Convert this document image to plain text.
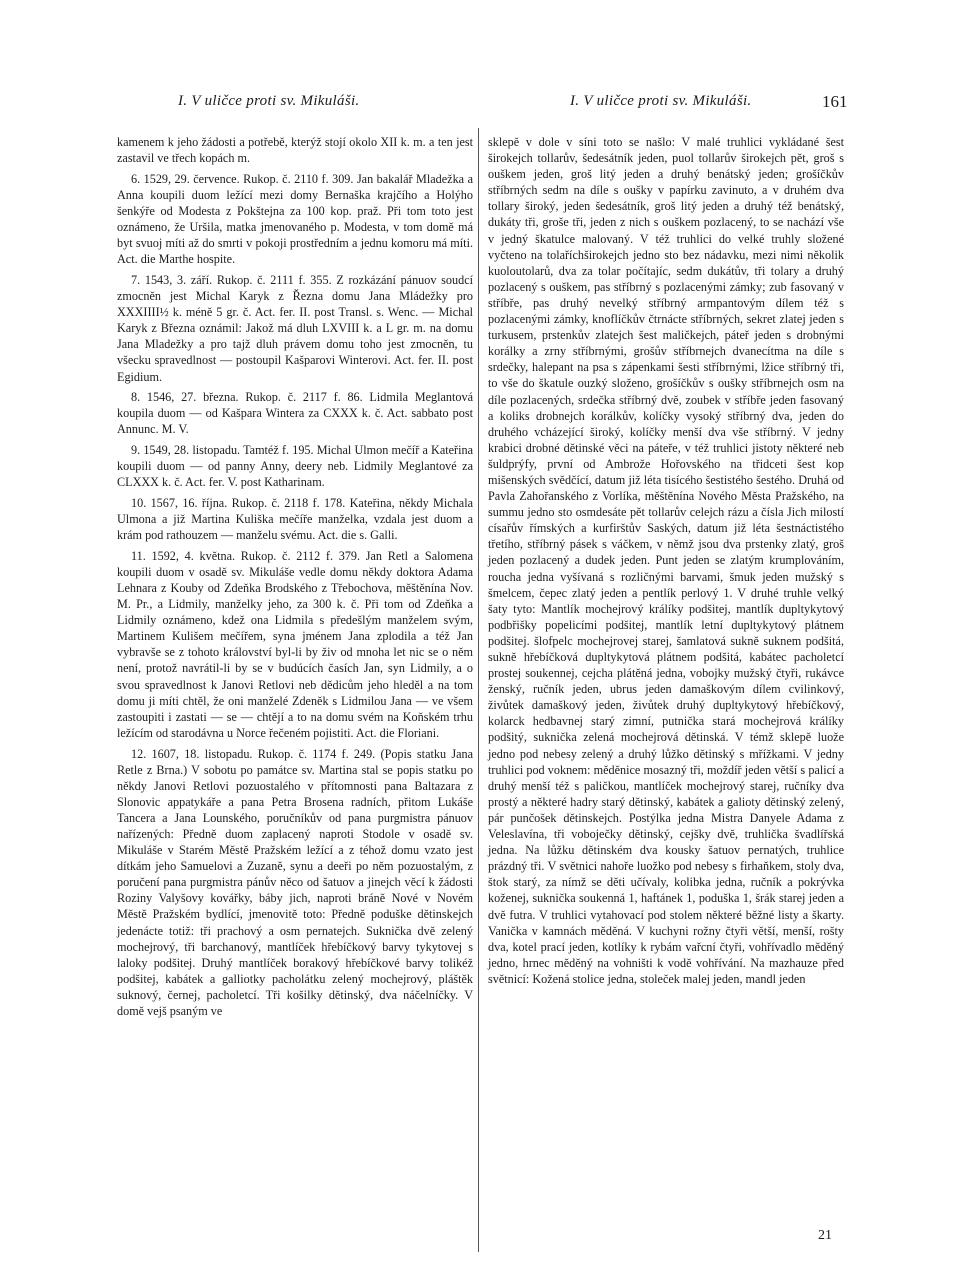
I. V uličce proti sv. Mikuláši.	I. V uličce proti sv. Mikuláši.	161

kamenem k jeho žádosti a potřebě, kterýž stojí okolo XII k. m. a ten jest zastavil ve třech kopách m.

6. 1529, 29. července. Rukop. č. 2110 f. 309. Jan bakalář Mladežka a Anna koupili duom ležící mezi domy Bernaška krajčího a Holýho šenkýře od Modesta z Pokštejna za 100 kop. praž. Při tom toto jest oznámeno, že Uršila, matka jmenovaného p. Modesta, v tom domě má byt svuoj míti až do smrti v pokoji prostředním a jednu komoru má míti. Act. die Marthe hospite.

7. 1543, 3. září. Rukop. č. 2111 f. 355. Z rozkázání pánuov soudcí zmocněn jest Michal Karyk z Řezna domu Jana Mládežky pro XXXIIII½ k. méně 5 gr. č. Act. fer. II. post Transl. s. Wenc. — Michal Karyk z Března oznámil: Jakož má dluh LXVIII k. a L gr. m. na domu Jana Mladežky a pro tajž dluh právem domu toho jest zmocněn, tu všecku spravedlnost — postoupil Kašparovi Winterovi. Act. fer. II. post Egidium.

8. 1546, 27. března. Rukop. č. 2117 f. 86. Lidmila Meglantová koupila duom — od Kašpara Wintera za CXXX k. č. Act. sabbato post Annunc. M. V.

9. 1549, 28. listopadu. Tamtéž f. 195. Michal Ulmon mečíř a Kateřina koupili duom — od panny Anny, deery neb. Lidmily Meglantové za CLXXX k. č. Act. fer. V. post Katharinam.

10. 1567, 16. října. Rukop. č. 2118 f. 178. Kateřina, někdy Michala Ulmona a již Martina Kuliška mečíře manželka, vzdala jest duom a krám pod rathouzem — manželu svému. Act. die s. Galli.

11. 1592, 4. května. Rukop. č. 2112 f. 379. Jan Retl a Salomena koupili duom v osadě sv. Mikuláše vedle domu někdy doktora Adama Lehnara z Kouby od Zdeňka Brodského z Třebochova, měštěnína Nov. M. Pr., a Lidmily, manželky jeho, za 300 k. č. Při tom od Zdeňka a Lidmily oznámeno, kdež ona Lidmila s předešlým manželem svým, Martinem Kulišem mečířem, syna jménem Jana zplodila a též Jan vybravše se z tohoto království byl-li by živ od mnoha let nic se o něm není, protož navrátil-li by se v budúcích časích Jan, syn Lidmily, a o svou spravedlnost k Janovi Retlovi neb dědicům jeho hleděl a na tom domu ji míti chtěl, že oni manželé Zdeněk s Lidmilou Jana — ve všem zastoupiti i zastati — se — chtějí a to na domu svém na Koňském trhu ležícím od starodávna u Norce řečeném pojistiti. Act. die Floriani.

12. 1607, 18. listopadu. Rukop. č. 1174 f. 249. (Popis statku Jana Retle z Brna.) V sobotu po památce sv. Martina stal se popis statku po někdy Janovi Retlovi pozuostalého v přítomnosti pana Baltazara z Slonovic appatykáře a pana Petra Brosena radních, přitom Lukáše Tancera a Jana Lounského, poručníkův od pana purgmistra pánuov nařízených: Předně duom zaplacený naproti Stodole v osadě sv. Mikuláše v Starém Městě Pražském ležící a z téhož domu vzato jest dítkám jeho Samuelovi a Zuzaně, synu a deeři po něm pozuostalým, z poručení pana purgmistra pánův něco od šatuov a jinejch věcí k žádosti Roziny Valyšovy kovářky, báby jich, naproti bráně Nové v Novém Městě Pražském bydlící, jmenovitě toto: Předně poduške dětinskejch jedenácte totiž: tři prachový a osm pernatejch. Suknička dvě zelený mochejrový, tři barchanový, mantlíček hřebíčkový barvy tykytovej s laloky podšitej. Druhý mantlíček borakový hřebíčkové barvy tolikéž podšitej, kabátek a galliotky pacholátku zelený mochejrový, pláštěk suknový, černej, pacholetcí. Tři košilky dětinský, dva náčelníčky. V domě vejš psaným ve

sklepě v dole v síni toto se našlo: V malé truhlici vykládané šest širokejch tollarův, šedesátník jeden, puol tollarův širokejch pět, groš s ouškem jeden, groš litý jeden a druhý benátský jeden; grošíčkův stříbrných sedm na díle s oušky v papírku zavinuto, a v druhém dva tollary široký, jeden šedesátník, groš litý jeden a druhý též benátský, dukáty tři, groše tři, jeden z nich s ouškem pozlacený, to se nachází vše v jedný škatulce malovaný. V též truhlici do velké truhly složené vyčteno na tolaříchširokejch jedno sto bez nádavku, mezi nimi několik kuoloutolarů, dva za tolar počítajíc, sedm dukátův, tři tolary a druhý pozlacený s ouškem, pas stříbrný s pozlacenými zámky; zub fasovaný v stříbře, pas druhý nevelký stříbrný armpantovým dílem též s pozlacenými zámky, knoflíčkův čtrnácte stříbrných, sekret zlatej jeden s turkusem, prstenkův zlatejch šest maličkejch, páteř jeden s drobnými korálky a zrny stříbrnými, grošův stříbrnejch dvanecítma na díle s srdečky, halepant na psa s zápenkami šesti stříbrnými, lžice stříbrný tři, to vše do škatule ouzký složeno, grošíčkův s oušky stříbrnejch osm na díle pozlacených, srdečka stříbrný dvě, zoubek v stříbře jeden fasovaný a koliks drobnejch korálkův, kolíčky vysoký stříbrný dva, jeden do druhého vcházející široký, kolíčky menší dva vše stříbrný. V jedny krabici drobné dětinské věci na páteře, v též truhlici jistoty některé neb šuldprýfy, první od Ambrože Hořovského na třidceti šest kop mišenských svědčící, datum již léta tisícého šestistého šestého. Druhá od Pavla Zahořanského z Vorlíka, měštěnína Nového Města Pražského, na summu jedno sto osmdesáte pět tollarův celejch rázu a čísla Jich milostí císařův římských a kurfirštův Saských, datum již léta šestnáctistého třetího, stříbrný pásek s váčkem, v němž jsou dva prstenky zlatý, groš jeden pozlacený a dudek jeden. Punt jeden se zlatým krumplováním, roucha jedna vyšívaná s rozličnými barvami, šmuk jeden mužský s šmelcem, čepec zlatý jeden a pentlík perlový 1. V druhé truhle velký šaty tyto: Mantlík mochejrový králíky podšitej, mantlík dupltykytový podbřišky popelicími podšitej, mantlík letní dupltykytový plátnem podšitej. šlofpelc mochejrovej starej, šamlatová sukně suknem podšitá, sukně hřebíčková dupltykytová plátnem podšitá, kabátec pacholetcí prostej soukennej, cejcha plátěná jedna, vobojky mužský čtyři, rukávce ženský, ručník jeden, ubrus jeden damaškovým dílem cvilinkový, živůtek damaškový jeden, živůtek druhý dupltykytový hřebíčkový, kolarck hedbavnej starý zimní, putnička stará mochejrová králíky podšitý, suknička zelená mochejrová dětinská. V témž sklepě luože jedno pod nebesy zelený a druhý lůžko dětinský s mřížkami. V jedny truhlici pod voknem: měděnice mosazný tři, moždíř jeden větší s palicí a druhý menší též s paličkou, mantlíček mochejrový starej, ručníky dva prostý a některé hadry starý dětinský, kabátek a galioty dětinský zelený, pár punčošek dětinskejch. Postýlka jedna Mistra Danyele Adama z Veleslavína, tři voboječky dětinský, cejšky dvě, truhlička švadlířská jedna. Na lůžku dětinském dva kousky šatuov pernatých, truhlice prázdný tři. V světnici nahoře luožko pod nebesy s firhaňkem, stoly dva, štok starý, za nímž se děti učívaly, kolibka jedna, ručník a pokrývka koženej, suknička soukenná 1, haftánek 1, poduška 1, šrák starej jeden a dvě futra. V truhlici vytahovací pod stolem některé běžné listy a škarty. Vanička v kamnách měděná. V kuchyni rožny čtyři větší, menší, rošty dva, kotel prací jeden, kotlíky k rybám vařcní čtyři, vohřívadlo měděný jedno, hrnec měděný na vohništi k vodě vohřívání. Na mazhauze před světnicí: Kožená stolice jedna, stoleček malej jeden, mandl jeden

21
